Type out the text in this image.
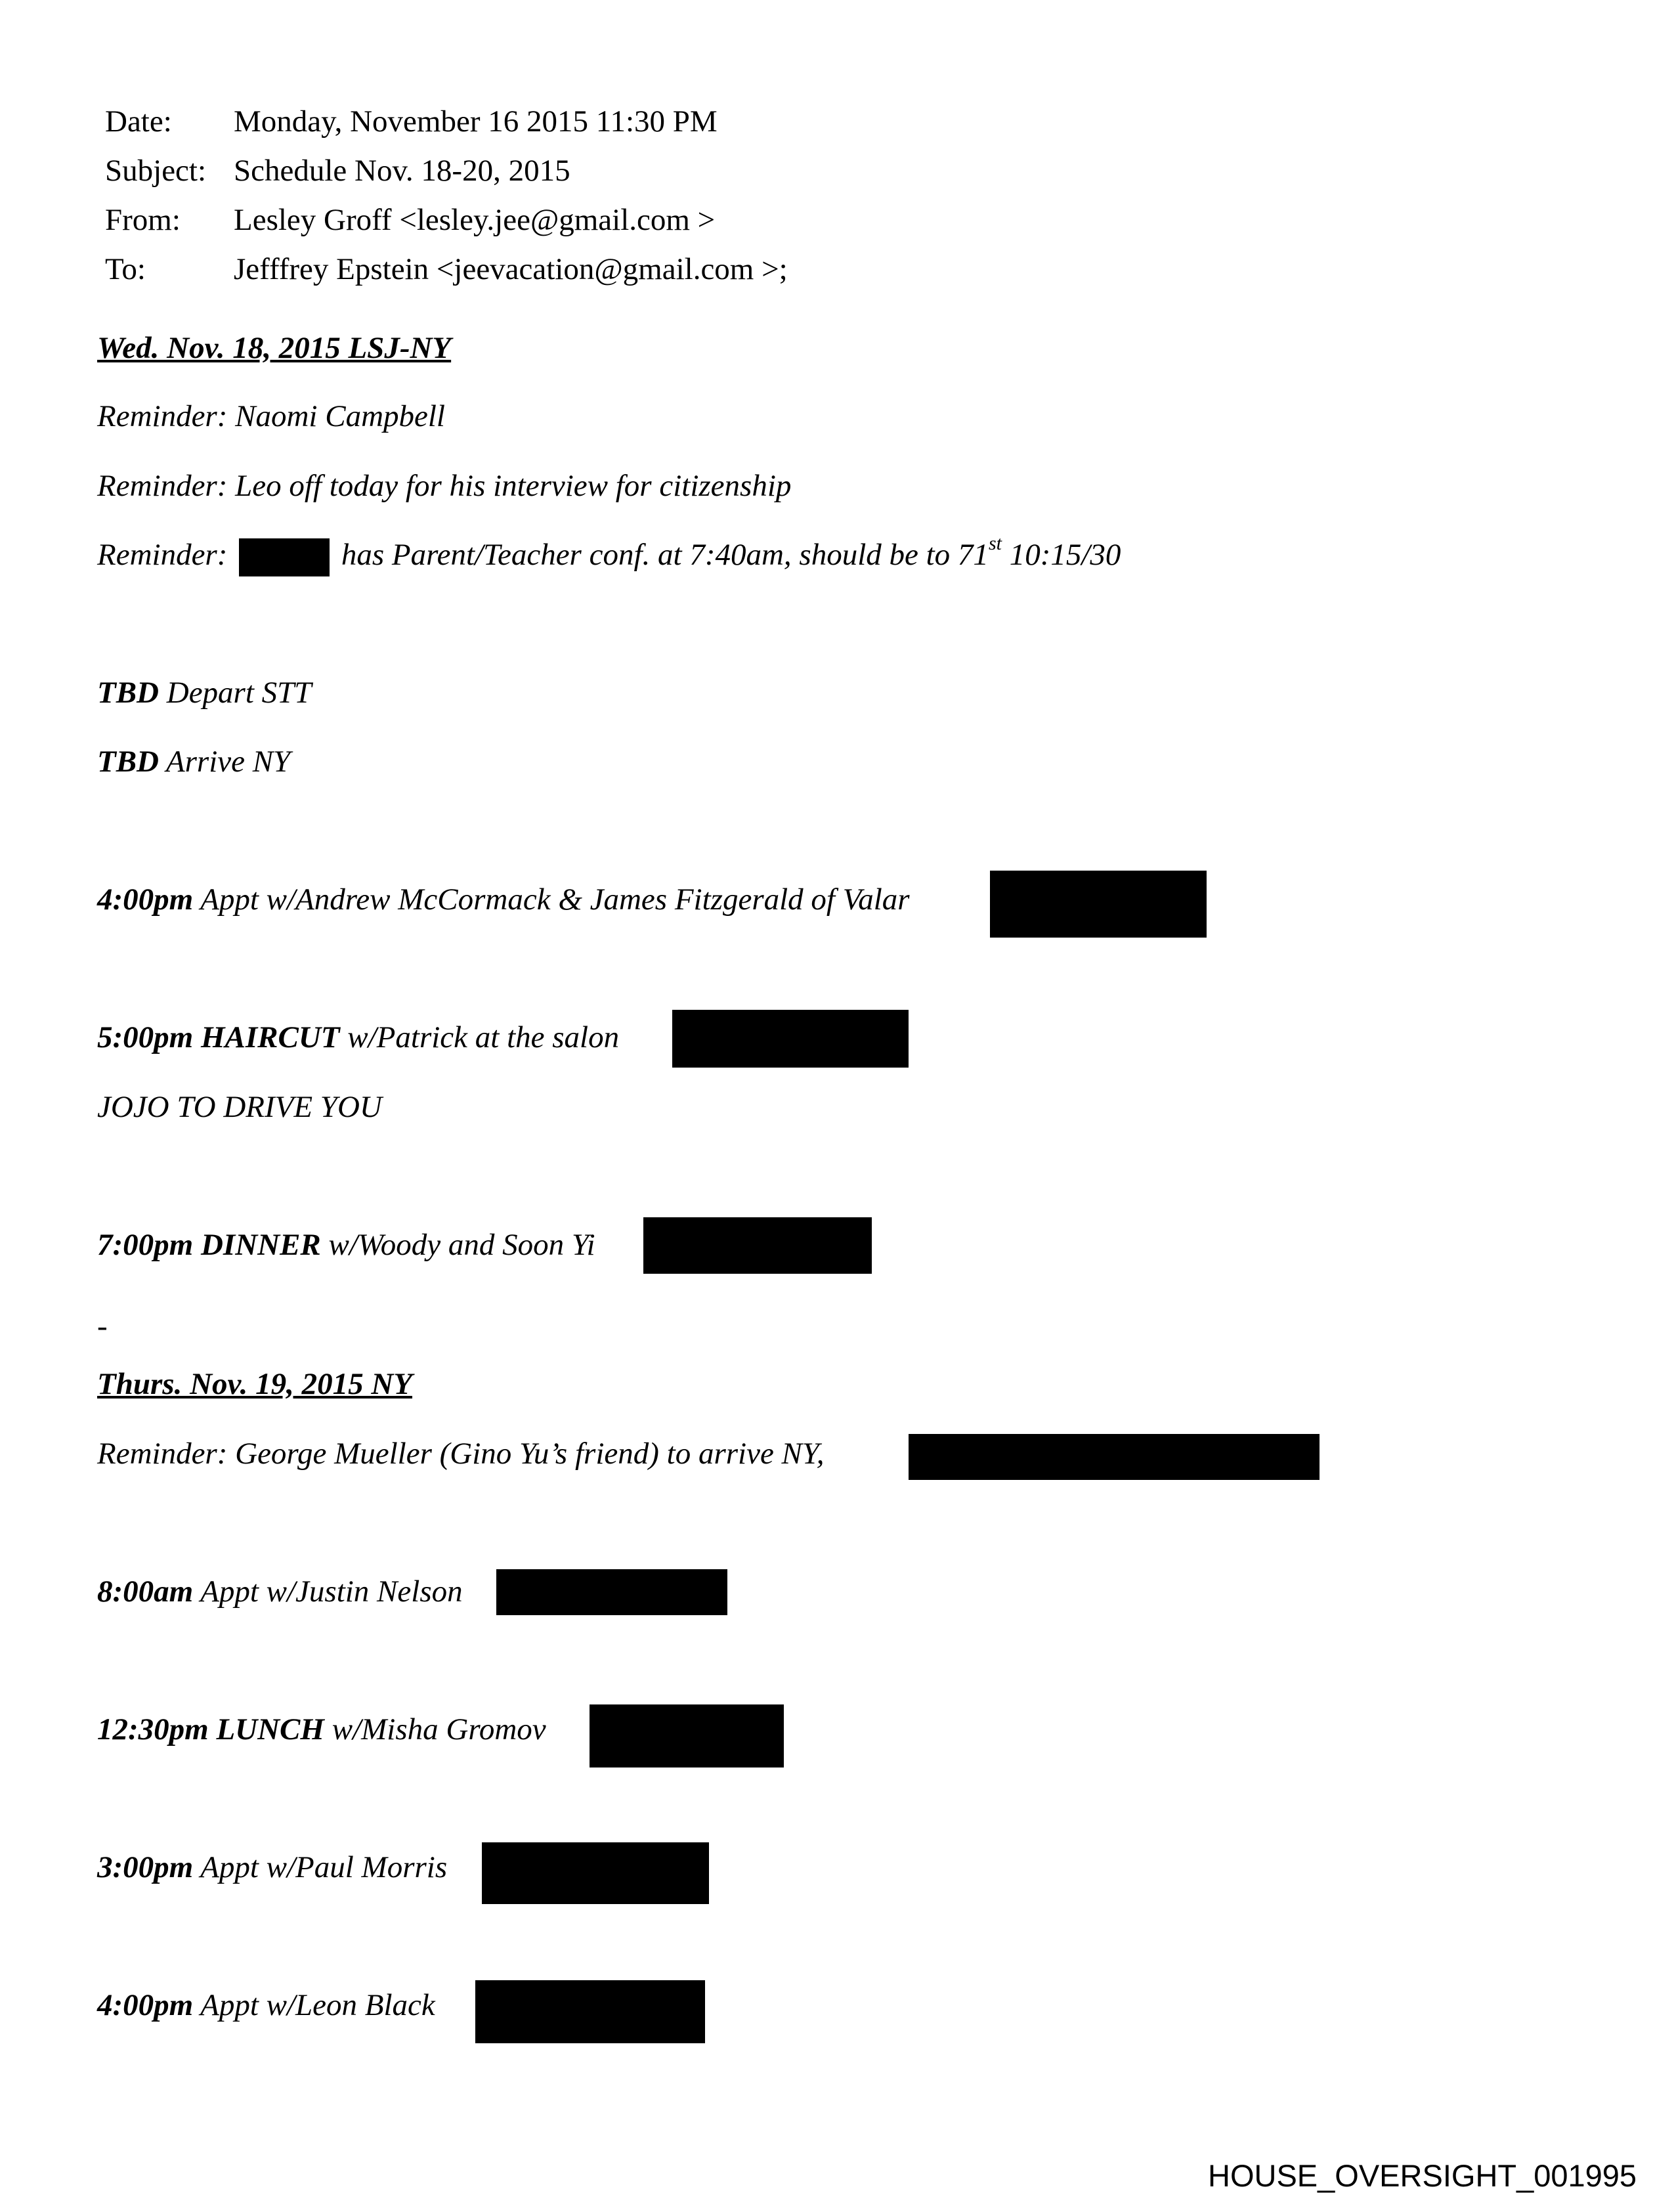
Date: Monday, November 16 2015 11:30 PM
Subject: Schedule Nov. 18-20, 2015
From: Lesley Groff <lesley.jee@gmail.com >
To:	Jefffrey Epstein <jeevacation@gmail.com >;
Wed. Nov. 18, 2015 LSJ-NY
Reminder: Naomi Campbell
Reminder: Leo off today for his interview for citizenship
Reminder:	has Parent/Teacher conf. at 7:40am, should be to 71st 10:15/30
TBD Depart STT
TBD Arrive NY
4:00pm Appt w/Andrew McCormack & James Fitzgerald of Valar
5:00pm HAIRCUT w/Patrick at the salon
JOJO TO DRIVE YOU
7:00pm DINNER w/Woody and Soon Yi
-
Thurs. Nov. 19, 2015 NY
Reminder: George Mueller (Gino Yu’s friend) to arrive NY,
8:00am Appt w/Justin Nelson
12:30pm LUNCH w/Misha Gromov
3:00pm Appt w/Paul Morris
4:00pm Appt w/Leon Black
HOUSE_OVERSIGHT_001995
